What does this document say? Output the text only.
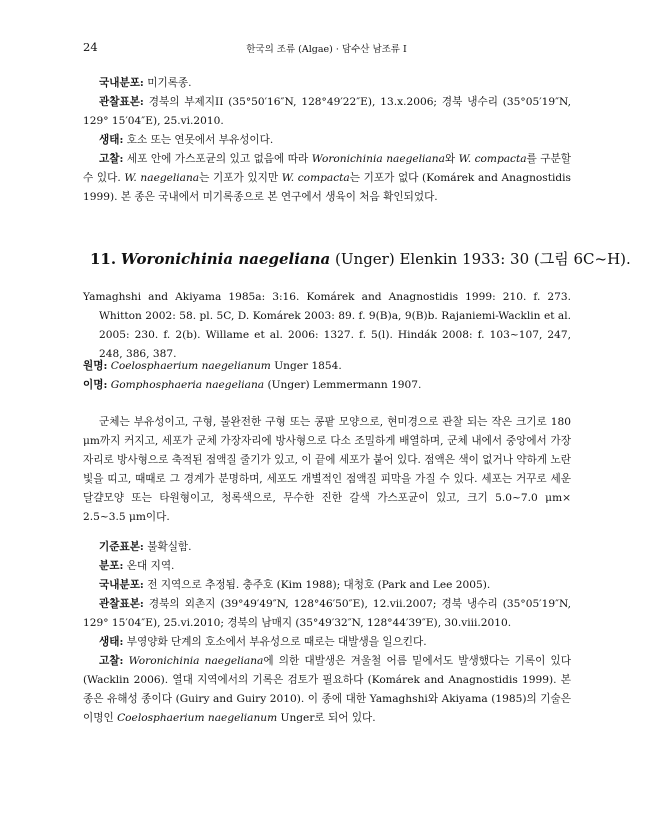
24	한국의 조류 (Algae) · 담수산 남조류 I

국내분포: 미기록종.

관찰표본: 경북의 부제지II (35°50′16″N, 128°49′22″E), 13.x.2006; 경북 냉수리 (35°05′19″N, 129° 15′04″E), 25.vi.2010.

생태: 호소 또는 연못에서 부유성이다.

고찰: 세포 안에 가스포균의 있고 없음에 따라 Woronichinia naegeliana와 W. compacta를 구분할 수 있다. W. naegeliana는 기포가 있지만 W. compacta는 기포가 없다 (Komárek and Anagnostidis 1999). 본 종은 국내에서 미기록종으로 본 연구에서 생육이 처음 확인되었다.

11. Woronichinia naegeliana (Unger) Elenkin 1933: 30 (그림 6C~H).

Yamaghshi and Akiyama 1985a: 3:16. Komárek and Anagnostidis 1999: 210. f. 273. Whitton 2002: 58. pl. 5C, D. Komárek 2003: 89. f. 9(B)a, 9(B)b. Rajaniemi-Wacklin et al. 2005: 230. f. 2(b). Willame et al. 2006: 1327. f. 5(l). Hindák 2008: f. 103~107, 247, 248, 386, 387.

원명: Coelosphaerium naegelianum Unger 1854.

이명: Gomphosphaeria naegeliana (Unger) Lemmermann 1907.

군체는 부유성이고, 구형, 불완전한 구형 또는 콩팥 모양으로, 현미경으로 관찰 되는 작은 크기로 180 μm까지 커지고, 세포가 군체 가장자리에 방사형으로 다소 조밀하게 배열하며, 군체 내에서 중앙에서 가장자리로 방사형으로 축적된 점액질 줄기가 있고, 이 끝에 세포가 붙어 있다. 점액은 색이 없거나 약하게 노란 빛을 띠고, 때때로 그 경계가 분명하며, 세포도 개별적인 점액질 피막을 가질 수 있다. 세포는 거꾸로 세운 달걀모양 또는 타원형이고, 청록색으로, 무수한 진한 갈색 가스포균이 있고, 크기 5.0~7.0 μm× 2.5~3.5 μm이다.

기준표본: 불확실함.

분포: 온대 지역.

국내분포: 전 지역으로 추정됨. 충주호 (Kim 1988); 대청호 (Park and Lee 2005).

관찰표본: 경북의 외촌지 (39°49′49″N, 128°46′50″E), 12.vii.2007; 경북 냉수리 (35°05′19″N, 129° 15′04″E), 25.vi.2010; 경북의 남매지 (35°49′32″N, 128°44′39″E), 30.viii.2010.

생태: 부영양화 단계의 호소에서 부유성으로 때로는 대발생을 일으킨다.

고찰: Woronichinia naegeliana에 의한 대발생은 겨울철 어름 밑에서도 발생했다는 기록이 있다 (Wacklin 2006). 열대 지역에서의 기록은 검토가 필요하다 (Komárek and Anagnostidis 1999). 본 종은 유해성 종이다 (Guiry and Guiry 2010). 이 종에 대한 Yamaghshi와 Akiyama (1985)의 기술은 이명인 Coelosphaerium naegelianum Unger로 되어 있다.
